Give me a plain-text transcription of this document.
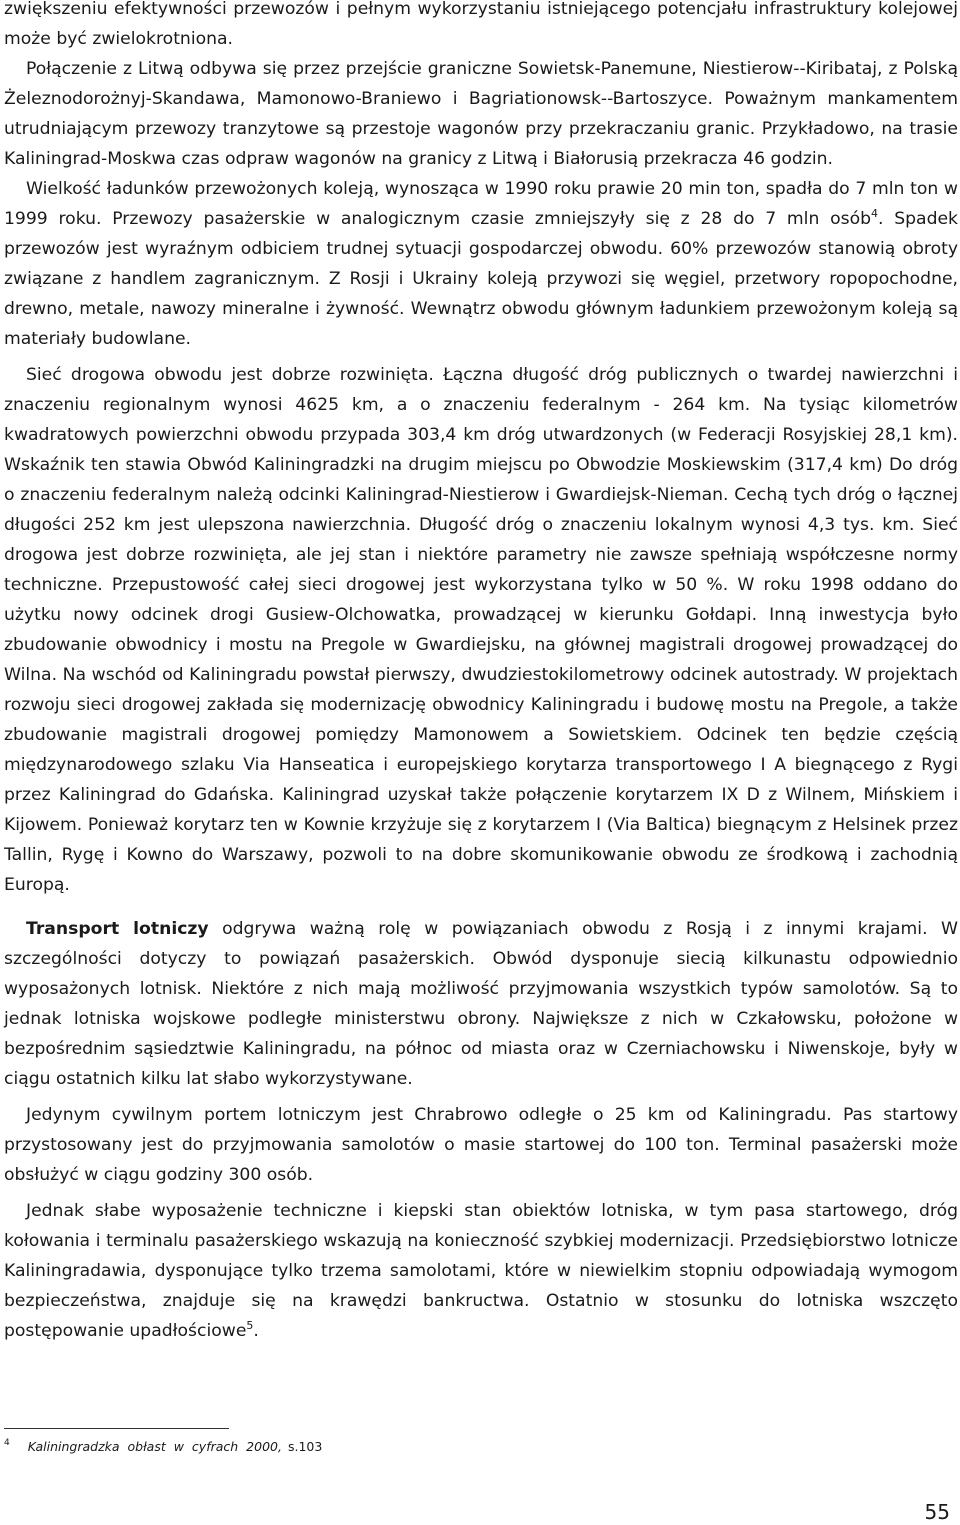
zwiększeniu efektywności przewozów i pełnym wykorzystaniu istniejącego potencjału infrastruktury kolejowej może być zwielokrotniona.

Połączenie z Litwą odbywa się przez przejście graniczne Sowietsk-Panemune, Niestierow--Kiribataj, z Polską Żeleznodorożnyj-Skandawa, Mamonowo-Braniewo i Bagriationowsk--Bartoszyce. Poważnym mankamentem utrudniającym przewozy tranzytowe są przestoje wagonów przy przekraczaniu granic. Przykładowo, na trasie Kaliningrad-Moskwa czas odpraw wagonów na granicy z Litwą i Białorusią przekracza 46 godzin.

Wielkość ładunków przewożonych koleją, wynosząca w 1990 roku prawie 20 min ton, spadła do 7 mln ton w 1999 roku. Przewozy pasażerskie w analogicznym czasie zmniejszyły się z 28 do 7 mln osób$^4$. Spadek przewozów jest wyraźnym odbiciem trudnej sytuacji gospodarczej obwodu. 60% przewozów stanowią obroty związane z handlem zagranicznym. Z Rosji i Ukrainy koleją przywozi się węgiel, przetwory ropopochodne, drewno, metale, nawozy mineralne i żywność. Wewnątrz obwodu głównym ładunkiem przewożonym koleją są materiały budowlane.

Sieć drogowa obwodu jest dobrze rozwinięta. Łączna długość dróg publicznych o twardej nawierzchni i znaczeniu regionalnym wynosi 4625 km, a o znaczeniu federalnym - 264 km. Na tysiąc kilometrów kwadratowych powierzchni obwodu przypada 303,4 km dróg utwardzonych (w Federacji Rosyjskiej 28,1 km). Wskaźnik ten stawia Obwód Kaliningradzki na drugim miejscu po Obwodzie Moskiewskim (317,4 km) Do dróg o znaczeniu federalnym należą odcinki Kaliningrad-Niestierow i Gwardiejsk-Nieman. Cechą tych dróg o łącznej długości 252 km jest ulepszona nawierzchnia. Długość dróg o znaczeniu lokalnym wynosi 4,3 tys. km. Sieć drogowa jest dobrze rozwinięta, ale jej stan i niektóre parametry nie zawsze spełniają współczesne normy techniczne. Przepustowość całej sieci drogowej jest wykorzystana tylko w 50 %. W roku 1998 oddano do użytku nowy odcinek drogi Gusiew-Olchowatka, prowadzącej w kierunku Gołdapi. Inną inwestycja było zbudowanie obwodnicy i mostu na Pregole w Gwardiejsku, na głównej magistrali drogowej prowadzącej do Wilna. Na wschód od Kaliningradu powstał pierwszy, dwudziestokilometrowy odcinek autostrady. W projektach rozwoju sieci drogowej zakłada się modernizację obwodnicy Kaliningradu i budowę mostu na Pregole, a także zbudowanie magistrali drogowej pomiędzy Mamonowem a Sowietskiem. Odcinek ten będzie częścią międzynarodowego szlaku Via Hanseatica i europejskiego korytarza transportowego I A biegnącego z Rygi przez Kaliningrad do Gdańska. Kaliningrad uzyskał także połączenie korytarzem IX D z Wilnem, Mińskiem i Kijowem. Ponieważ korytarz ten w Kownie krzyżuje się z korytarzem I (Via Baltica) biegnącym z Helsinek przez Tallin, Rygę i Kowno do Warszawy, pozwoli to na dobre skomunikowanie obwodu ze środkową i zachodnią Europą.

Transport lotniczy odgrywa ważną rolę w powiązaniach obwodu z Rosją i z innymi krajami. W szczególności dotyczy to powiązań pasażerskich. Obwód dysponuje siecią kilkunastu odpowiednio wyposażonych lotnisk. Niektóre z nich mają możliwość przyjmowania wszystkich typów samolotów. Są to jednak lotniska wojskowe podległe ministerstwu obrony. Największe z nich w Czkałowsku, położone w bezpośrednim sąsiedztwie Kaliningradu, na północ od miasta oraz w Czerniachowsku i Niwenskoje, były w ciągu ostatnich kilku lat słabo wykorzystywane.

Jedynym cywilnym portem lotniczym jest Chrabrowo odległe o 25 km od Kaliningradu. Pas startowy przystosowany jest do przyjmowania samolotów o masie startowej do 100 ton. Terminal pasażerski może obsłużyć w ciągu godziny 300 osób.

Jednak słabe wyposażenie techniczne i kiepski stan obiektów lotniska, w tym pasa startowego, dróg kołowania i terminalu pasażerskiego wskazują na konieczność szybkiej modernizacji. Przedsiębiorstwo lotnicze Kaliningradawia, dysponujące tylko trzema samolotami, które w niewielkim stopniu odpowiadają wymogom bezpieczeństwa, znajduje się na krawędzi bankructwa. Ostatnio w stosunku do lotniska wszczęto postępowanie upadłościowe$^5$.

$^4$ Kaliningradzka obłast w cyfrach 2000, s.103
55
